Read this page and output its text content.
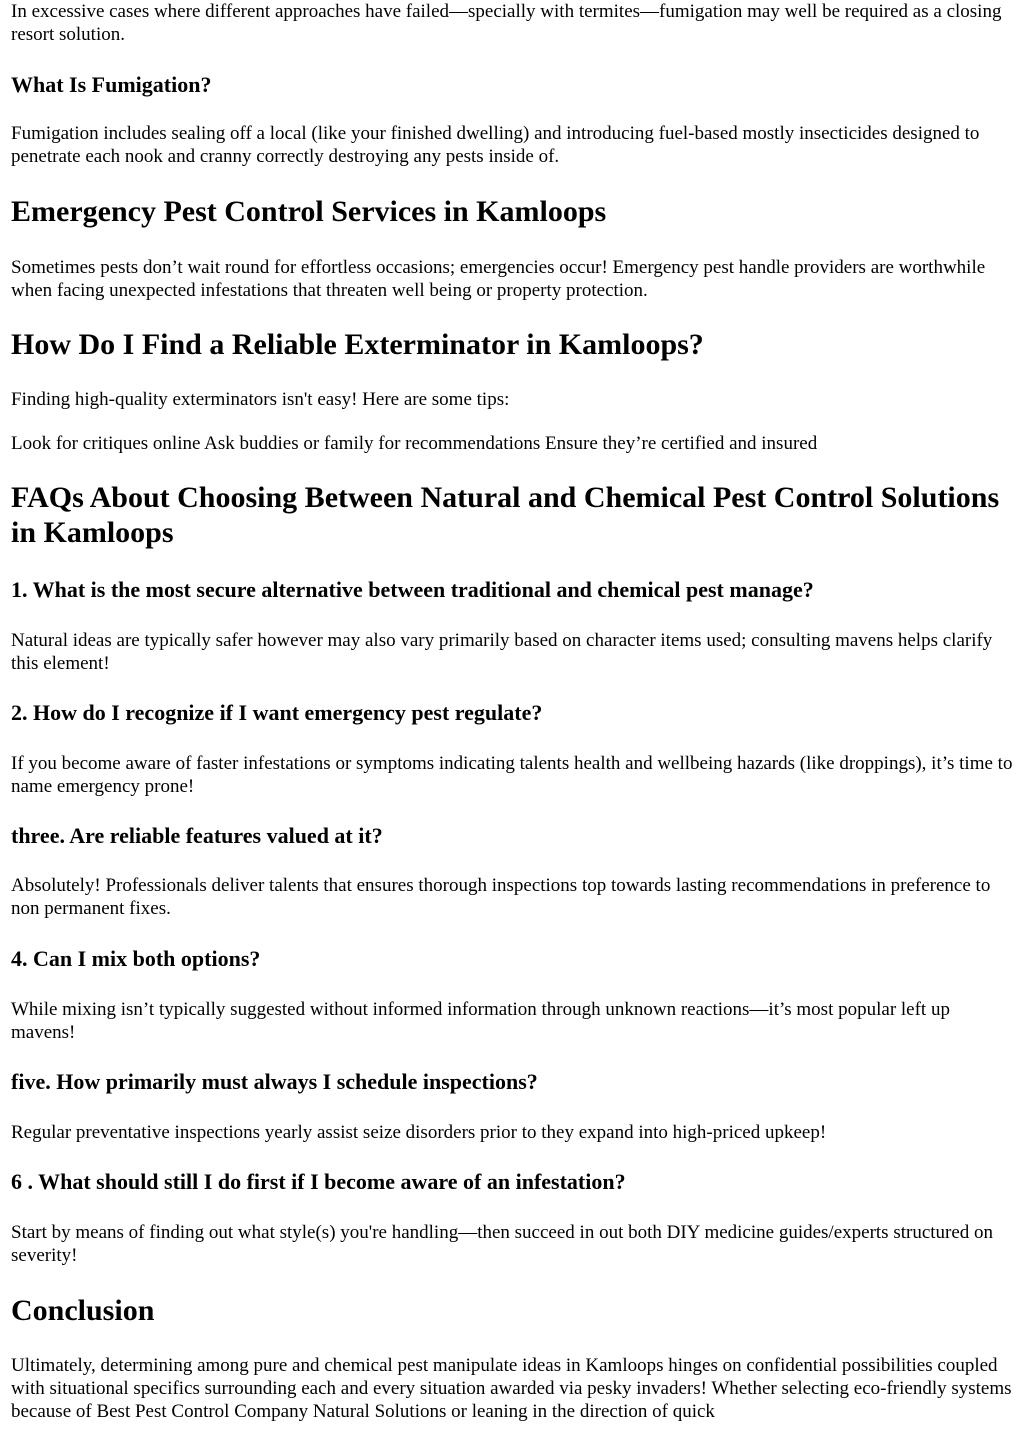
In excessive cases where different approaches have failed—specially with termites—fumigation may well be required as a closing resort solution.

What Is Fumigation?

Fumigation includes sealing off a local (like your finished dwelling) and introducing fuel-based mostly insecticides designed to penetrate each nook and cranny correctly destroying any pests inside of.

Emergency Pest Control Services in Kamloops

Sometimes pests don’t wait round for effortless occasions; emergencies occur! Emergency pest handle providers are worthwhile when facing unexpected infestations that threaten well being or property protection.

How Do I Find a Reliable Exterminator in Kamloops?

Finding high-quality exterminators isn't easy! Here are some tips:

Look for critiques online Ask buddies or family for recommendations Ensure they’re certified and insured

FAQs About Choosing Between Natural and Chemical Pest Control Solutions in Kamloops
1. What is the most secure alternative between traditional and chemical pest manage?

Natural ideas are typically safer however may also vary primarily based on character items used; consulting mavens helps clarify this element!

2. How do I recognize if I want emergency pest regulate?

If you become aware of faster infestations or symptoms indicating talents health and wellbeing hazards (like droppings), it’s time to name emergency prone!

three. Are reliable features valued at it?

Absolutely! Professionals deliver talents that ensures thorough inspections top towards lasting recommendations in preference to non permanent fixes.

4. Can I mix both options?

While mixing isn’t typically suggested without informed information through unknown reactions—it’s most popular left up mavens!

five. How primarily must always I schedule inspections?

Regular preventative inspections yearly assist seize disorders prior to they expand into high-priced upkeep!

6 . What should still I do first if I become aware of an infestation?

Start by means of finding out what style(s) you're handling—then succeed in out both DIY medicine guides/experts structured on severity!

Conclusion

Ultimately, determining among pure and chemical pest manipulate ideas in Kamloops hinges on confidential possibilities coupled with situational specifics surrounding each and every situation awarded via pesky invaders! Whether selecting eco-friendly systems because of Best Pest Control Company Natural Solutions or leaning in the direction of quick
